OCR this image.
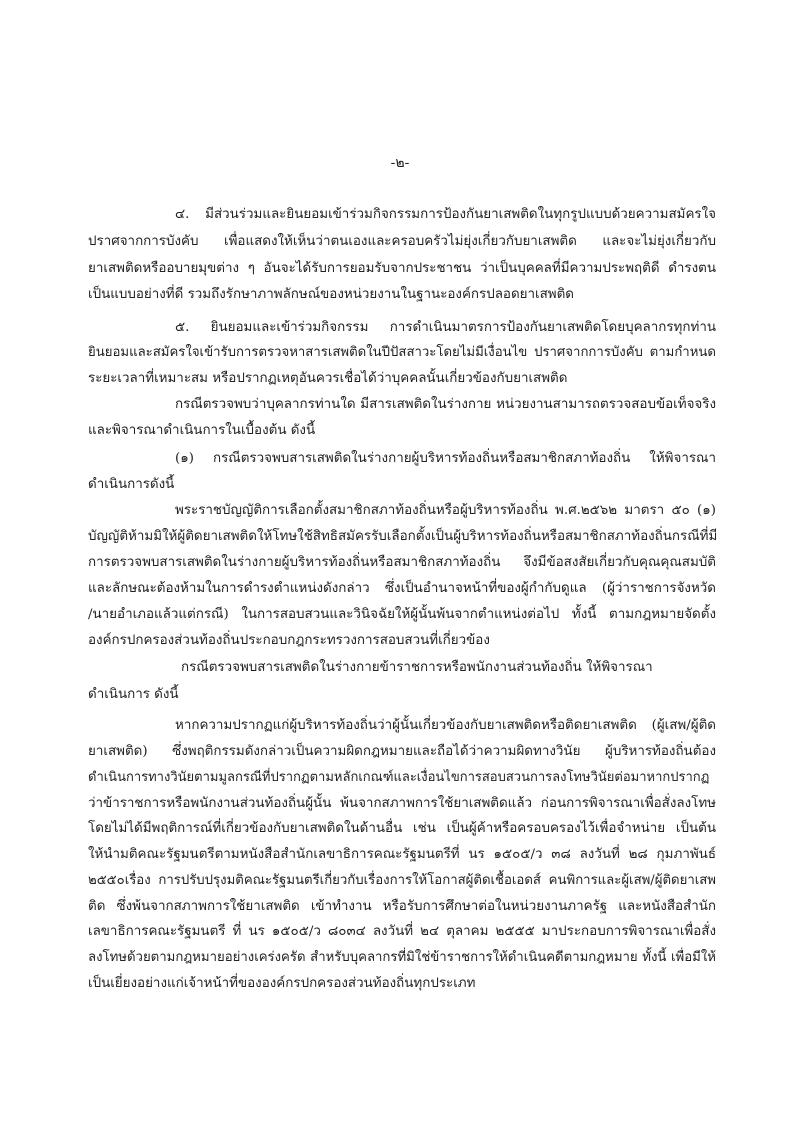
-๒-
๔. มีส่วนร่วมและยินยอมเข้าร่วมกิจกรรมการป้องกันยาเสพติดในทุกรูปแบบด้วยความสมัครใจ
ปราศจากการบังคับ เพื่อแสดงให้เห็นว่าตนเองและครอบครัวไม่ยุ่งเกี่ยวกับยาเสพติด และจะไม่ยุ่งเกี่ยวกับ
ยาเสพติดหรืออบายมุขต่าง ๆ อันจะได้รับการยอมรับจากประชาชน ว่าเป็นบุคคลที่มีความประพฤติดี ดำรงตน
เป็นแบบอย่างที่ดี รวมถึงรักษาภาพลักษณ์ของหน่วยงานในฐานะองค์กรปลอดยาเสพติด
๕. ยินยอมและเข้าร่วมกิจกรรม การดำเนินมาตรการป้องกันยาเสพติดโดยบุคลากรทุกท่าน
ยินยอมและสมัครใจเข้ารับการตรวจหาสารเสพติดในปีปัสสาวะโดยไม่มีเงื่อนไข ปราศจากการบังคับ ตามกำหนด
ระยะเวลาที่เหมาะสม หรือปรากฏเหตุอันควรเชื่อได้ว่าบุคคลนั้นเกี่ยวข้องกับยาเสพติด
กรณีตรวจพบว่าบุคลากรท่านใด มีสารเสพติดในร่างกาย หน่วยงานสามารถตรวจสอบข้อเท็จจริง
และพิจารณาดำเนินการในเบื้องต้น ดังนี้
(๑) กรณีตรวจพบสารเสพติดในร่างกายผู้บริหารท้องถิ่นหรือสมาชิกสภาท้องถิ่น ให้พิจารณา
ดำเนินการดังนี้
พระราชบัญญัติการเลือกตั้งสมาชิกสภาท้องถิ่นหรือผู้บริหารท้องถิ่น พ.ศ.๒๕๖๒ มาตรา ๕๐ (๑)
บัญญัติห้ามมิให้ผู้ติดยาเสพติดให้โทษใช้สิทธิสมัครรับเลือกตั้งเป็นผู้บริหารท้องถิ่นหรือสมาชิกสภาท้องถิ่นกรณีที่มี
การตรวจพบสารเสพติดในร่างกายผู้บริหารท้องถิ่นหรือสมาชิกสภาท้องถิ่น จึงมีข้อสงสัยเกี่ยวกับคุณคุณสมบัติ
และลักษณะต้องห้ามในการดำรงตำแหน่งดังกล่าว ซึ่งเป็นอำนาจหน้าที่ของผู้กำกับดูแล (ผู้ว่าราชการจังหวัด
/นายอำเภอแล้วแต่กรณี) ในการสอบสวนและวินิจฉัยให้ผู้นั้นพ้นจากตำแหน่งต่อไป ทั้งนี้ ตามกฎหมายจัดตั้ง
องค์กรปกครองส่วนท้องถิ่นประกอบกฎกระทรวงการสอบสวนที่เกี่ยวข้อง
กรณีตรวจพบสารเสพติดในร่างกายข้าราชการหรือพนักงานส่วนท้องถิ่น ให้พิจารณา
ดำเนินการ ดังนี้
หากความปรากฏแก่ผู้บริหารท้องถิ่นว่าผู้นั้นเกี่ยวข้องกับยาเสพติดหรือติดยาเสพติด (ผู้เสพ/ผู้ติด
ยาเสพติด) ซึ่งพฤติกรรมดังกล่าวเป็นความผิดกฎหมายและถือได้ว่าความผิดทางวินัย ผู้บริหารท้องถิ่นต้อง
ดำเนินการทางวินัยตามมูลกรณีที่ปรากฏตามหลักเกณฑ์และเงื่อนไขการสอบสวนการลงโทษวินัยต่อมาหากปรากฏ
ว่าข้าราชการหรือพนักงานส่วนท้องถิ่นผู้นั้น พ้นจากสภาพการใช้ยาเสพติดแล้ว ก่อนการพิจารณาเพื่อสั่งลงโทษ
โดยไม่ได้มีพฤติการณ์ที่เกี่ยวข้องกับยาเสพติดในด้านอื่น เช่น เป็นผู้ค้าหรือครอบครองไว้เพื่อจำหน่าย เป็นต้น
ให้นำมติคณะรัฐมนตรีตามหนังสือสำนักเลขาธิการคณะรัฐมนตรีที่ นร ๑๕๐๕/ว ๓๘ ลงวันที่ ๒๘ กุมภาพันธ์
๒๕๕๐เรื่อง การปรับปรุงมติคณะรัฐมนตรีเกี่ยวกับเรื่องการให้โอกาสผู้ติดเชื้อเอดส์ คนพิการและผู้เสพ/ผู้ติดยาเสพ
ติด ซึ่งพ้นจากสภาพการใช้ยาเสพติด เข้าทำงาน หรือรับการศึกษาต่อในหน่วยงานภาครัฐ และหนังสือสำนัก
เลขาธิการคณะรัฐมนตรี ที่ นร ๑๕๐๕/ว ๘๐๓๔ ลงวันที่ ๒๔ ตุลาคม ๒๕๕๕ มาประกอบการพิจารณาเพื่อสั่ง
ลงโทษด้วยตามกฎหมายอย่างเคร่งครัด สำหรับบุคลากรที่มิใช่ข้าราชการให้ดำเนินคดีตามกฎหมาย ทั้งนี้ เพื่อมีให้
เป็นเยี่ยงอย่างแก่เจ้าหน้าที่ขององค์กรปกครองส่วนท้องถิ่นทุกประเภท
